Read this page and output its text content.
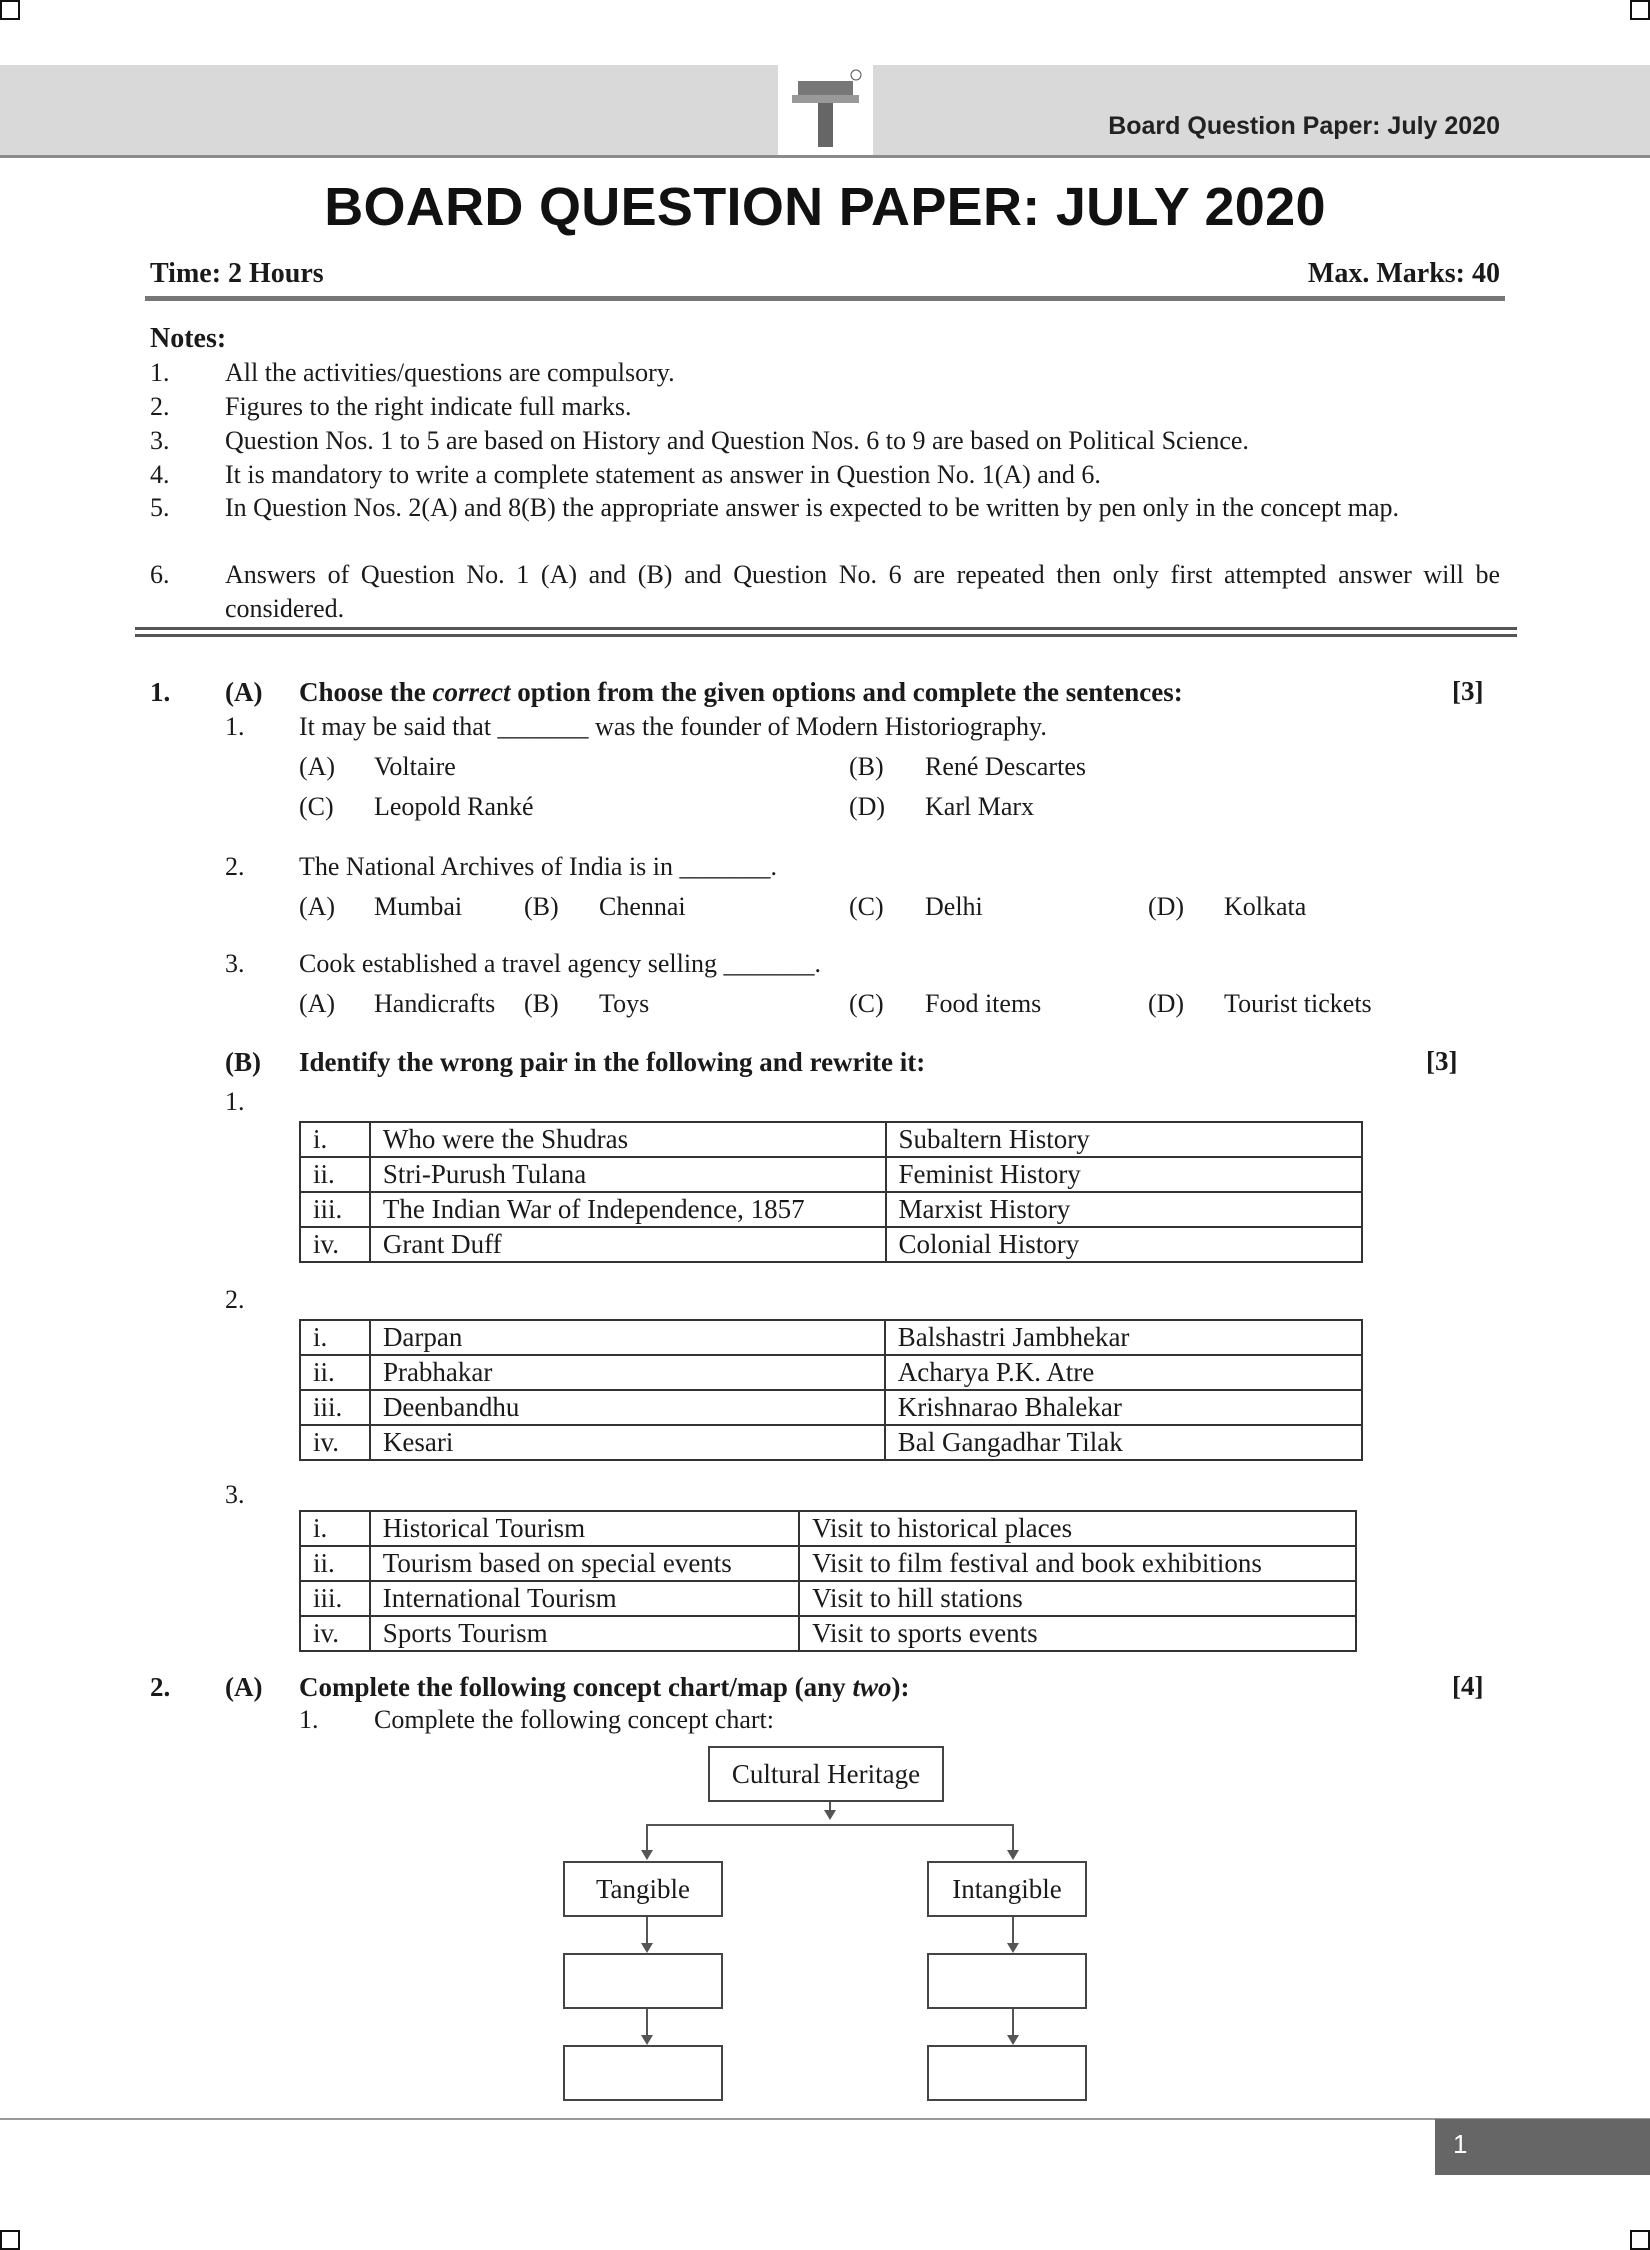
Board Question Paper: July 2020
BOARD QUESTION PAPER: JULY 2020
Time: 2 Hours	Max. Marks: 40
Notes:
1. All the activities/questions are compulsory.
2. Figures to the right indicate full marks.
3. Question Nos. 1 to 5 are based on History and Question Nos. 6 to 9 are based on Political Science.
4. It is mandatory to write a complete statement as answer in Question No. 1(A) and 6.
5. In Question Nos. 2(A) and 8(B) the appropriate answer is expected to be written by pen only in the concept map.
6. Answers of Question No. 1 (A) and (B) and Question No. 6 are repeated then only first attempted answer will be considered.
1. (A) Choose the correct option from the given options and complete the sentences:	[3]
1. It may be said that _______ was the founder of Modern Historiography.
(A) Voltaire	(B) René Descartes
(C) Leopold Ranké	(D) Karl Marx
2. The National Archives of India is in _______.
(A) Mumbai (B) Chennai	(C) Delhi	(D) Kolkata
3. Cook established a travel agency selling _______.
(A) Handicrafts (B) Toys	(C) Food items	(D) Tourist tickets
(B) Identify the wrong pair in the following and rewrite it:	[3]
1.
i.	Who were the Shudras	Subaltern History
ii.	Stri-Purush Tulana	Feminist History
iii.	The Indian War of Independence, 1857	Marxist History
iv.	Grant Duff	Colonial History
2.
i.	Darpan	Balshastri Jambhekar
ii.	Prabhakar	Acharya P.K. Atre
iii.	Deenbandhu	Krishnarao Bhalekar
iv.	Kesari	Bal Gangadhar Tilak
3.
i.	Historical Tourism	Visit to historical places
ii.	Tourism based on special events	Visit to film festival and book exhibitions
iii.	International Tourism	Visit to hill stations
iv.	Sports Tourism	Visit to sports events
2. (A) Complete the following concept chart/map (any two):	[4]
1. Complete the following concept chart:
Cultural Heritage
Tangible	Intangible
1
